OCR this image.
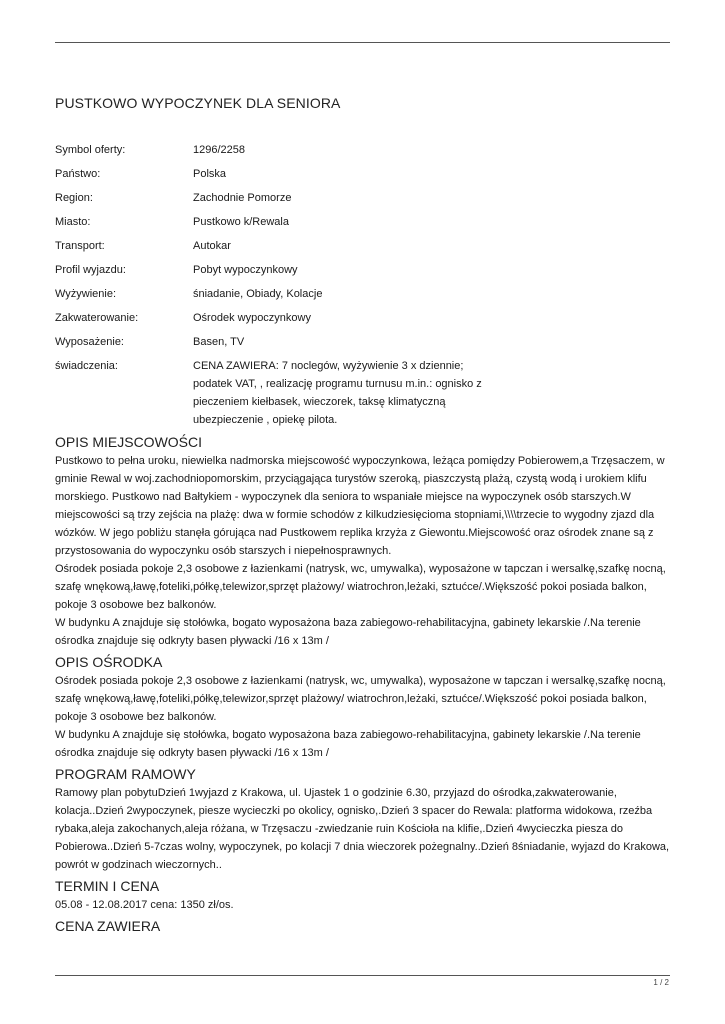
PUSTKOWO WYPOCZYNEK DLA SENIORA
Symbol oferty:	1296/2258
Państwo:	Polska
Region:	Zachodnie Pomorze
Miasto:	Pustkowo k/Rewala
Transport:	Autokar
Profil wyjazdu:	Pobyt wypoczynkowy
Wyżywienie:	śniadanie, Obiady, Kolacje
Zakwaterowanie:	Ośrodek wypoczynkowy
Wyposażenie:	Basen, TV
świadczenia:	CENA ZAWIERA: 7 noclegów, wyżywienie 3 x dziennie;
podatek VAT, , realizację programu turnusu m.in.: ognisko z
pieczeniem kiełbasek, wieczorek, taksę klimatyczną
ubezpieczenie , opiekę pilota.
OPIS MIEJSCOWOŚCI

Pustkowo to pełna uroku, niewielka nadmorska miejscowość wypoczynkowa, leżąca pomiędzy Pobierowem,a Trzęsaczem, w

gminie Rewal w woj.zachodniopomorskim, przyciągająca turystów szeroką, piaszczystą plażą, czystą wodą i urokiem klifu

morskiego. Pustkowo nad Bałtykiem - wypoczynek dla seniora to wspaniałe miejsce na wypoczynek osób starszych.W

miejscowości są trzy zejścia na plażę: dwa w formie schodów z kilkudziesięcioma stopniami,\\\\trzecie to wygodny zjazd dla

wózków. W jego pobliżu stanęła górująca nad Pustkowem replika krzyża z Giewontu.Miejscowość oraz ośrodek znane są z

przystosowania do wypoczynku osób starszych i niepełnosprawnych.

Ośrodek posiada pokoje 2,3 osobowe z łazienkami (natrysk, wc, umywalka), wyposażone w tapczan i wersalkę,szafkę nocną,

szafę wnękową,ławę,foteliki,półkę,telewizor,sprzęt plażowy/ wiatrochron,leżaki, sztućce/.Większość pokoi posiada balkon,

pokoje 3 osobowe bez balkonów.

W budynku A znajduje się stołówka, bogato wyposażona baza zabiegowo-rehabilitacyjna, gabinety lekarskie /.Na terenie

ośrodka znajduje się odkryty basen pływacki /16 x 13m /

OPIS OŚRODKA

Ośrodek posiada pokoje 2,3 osobowe z łazienkami (natrysk, wc, umywalka), wyposażone w tapczan i wersalkę,szafkę nocną,

szafę wnękową,ławę,foteliki,półkę,telewizor,sprzęt plażowy/ wiatrochron,leżaki, sztućce/.Większość pokoi posiada balkon,

pokoje 3 osobowe bez balkonów.

W budynku A znajduje się stołówka, bogato wyposażona baza zabiegowo-rehabilitacyjna, gabinety lekarskie /.Na terenie

ośrodka znajduje się odkryty basen pływacki /16 x 13m /

PROGRAM RAMOWY

Ramowy plan pobytuDzień 1wyjazd z Krakowa, ul. Ujastek 1 o godzinie 6.30, przyjazd do ośrodka,zakwaterowanie,

kolacja..Dzień 2wypoczynek, piesze wycieczki po okolicy, ognisko,.Dzień 3 spacer do Rewala: platforma widokowa, rzeźba

rybaka,aleja zakochanych,aleja różana, w Trzęsaczu -zwiedzanie ruin Kościoła na klifie,.Dzień 4wycieczka piesza do

Pobierowa..Dzień 5-7czas wolny, wypoczynek, po kolacji 7 dnia wieczorek pożegnalny..Dzień 8śniadanie, wyjazd do Krakowa,

powrót w godzinach wieczornych..

TERMIN I CENA

05.08 - 12.08.2017 cena: 1350 zł/os.

CENA ZAWIERA
1 / 2
